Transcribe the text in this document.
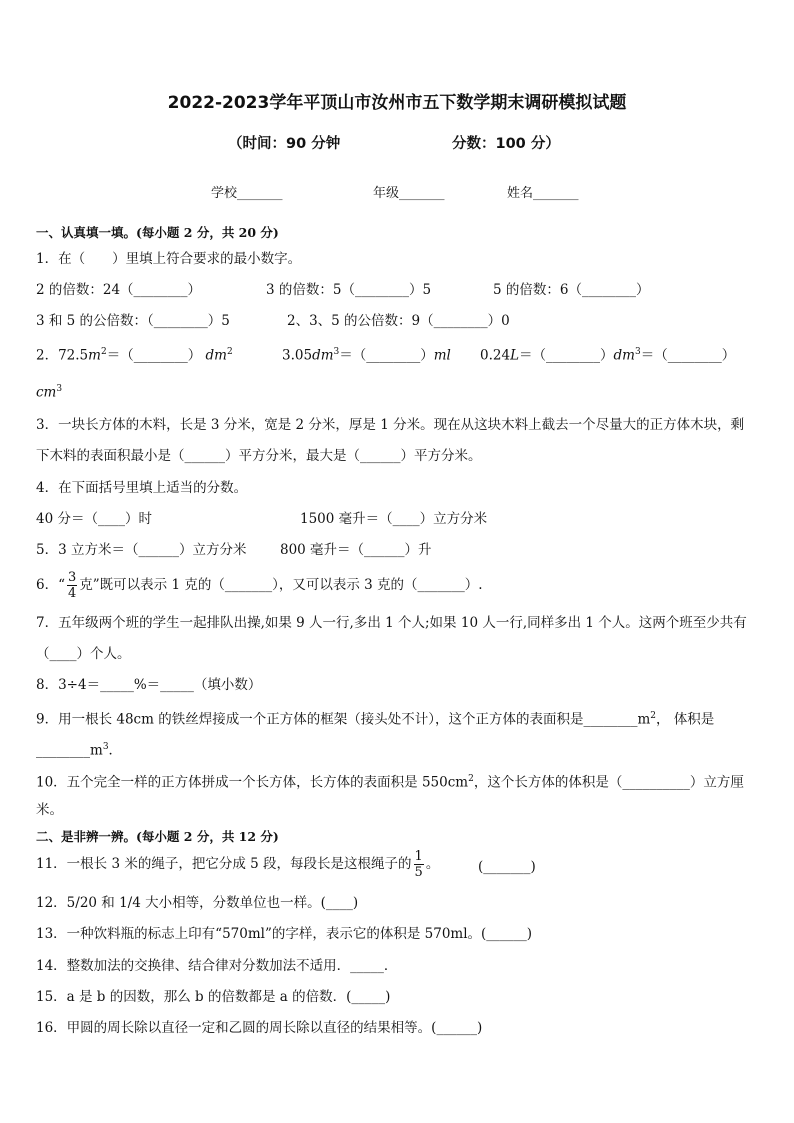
2022-2023学年平顶山市汝州市五下数学期末调研模拟试题
（时间：90 分钟	分数：100 分）
学校_______	年级_______	姓名_______
一、认真填一填。(每小题 2 分，共 20 分)
1．在（　　）里填上符合要求的最小数字。
2 的倍数：24（________）	3 的倍数：5（________）5	5 的倍数：6（________）
3 和 5 的公倍数：（________）5	2、3、5 的公倍数：9（________）0
2．$72.5m^2=(\_\_\_\_\_\_\_\_)$ $dm^2$	$3.05dm^3=(\_\_\_\_\_\_\_\_)ml$ $0.24L=(\_\_\_\_\_\_\_\_)dm^3=(\_\_\_\_\_\_\_\_)$
$cm^3$
3．一块长方体的木料，长是 3 分米，宽是 2 分米，厚是 1 分米。现在从这块木料上截去一个尽量大的正方体木块，剩
下木料的表面积最小是（______）平方分米，最大是（______）平方分米。
4．在下面括号里填上适当的分数。
40 分＝（____）时	1500 毫升＝（____）立方分米
5．3 立方米＝（______）立方分米 800 毫升＝（______）升
6．“ $\frac{3}{4}$ 克”既可以表示 1 克的（_______），又可以表示 3 克的（_______）.
7．五年级两个班的学生一起排队出操,如果 9 人一行,多出 1 个人;如果 10 人一行,同样多出 1 个人。这两个班至少共有
（____）个人。
8．3÷4＝_____%＝_____（填小数）
9．用一根长 48cm 的铁丝焊接成一个正方体的框架（接头处不计），这个正方体的表面积是$\_\_\_\_\_\_\_\_m^2$， 体积是
$\_\_\_\_\_\_\_\_m^3$．
10．五个完全一样的正方体拼成一个长方体，长方体的表面积是 $550cm^2$，这个长方体的体积是（__________）立方厘
米。
二、是非辨一辨。(每小题 2 分，共 12 分)
11．一根长 3 米的绳子，把它分成 5 段，每段长是这根绳子的 $\frac{1}{5}$ 。	(_______)
12．5/20 和 1/4 大小相等，分数单位也一样。(____)
13．一种饮料瓶的标志上印有“570ml”的字样，表示它的体积是 570ml。(______)
14．整数加法的交换律、结合律对分数加法不适用．_____．
15．a 是 b 的因数，那么 b 的倍数都是 a 的倍数．(_____)
16．甲圆的周长除以直径一定和乙圆的周长除以直径的结果相等。(______)
